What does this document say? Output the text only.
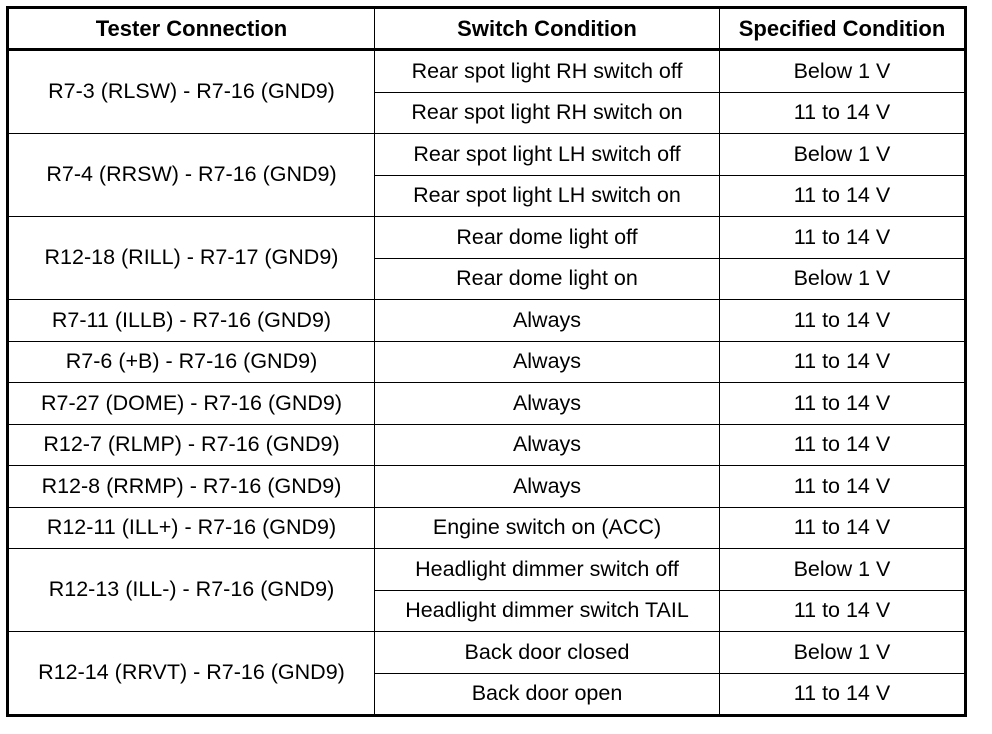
Tester Connection	Switch Condition	Specified Condition
R7-3 (RLSW) - R7-16 (GND9)	Rear spot light RH switch off	Below 1 V
	Rear spot light RH switch on	11 to 14 V
R7-4 (RRSW) - R7-16 (GND9)	Rear spot light LH switch off	Below 1 V
	Rear spot light LH switch on	11 to 14 V
R12-18 (RILL) - R7-17 (GND9)	Rear dome light off	11 to 14 V
	Rear dome light on	Below 1 V
R7-11 (ILLB) - R7-16 (GND9)	Always	11 to 14 V
R7-6 (+B) - R7-16 (GND9)	Always	11 to 14 V
R7-27 (DOME) - R7-16 (GND9)	Always	11 to 14 V
R12-7 (RLMP) - R7-16 (GND9)	Always	11 to 14 V
R12-8 (RRMP) - R7-16 (GND9)	Always	11 to 14 V
R12-11 (ILL+) - R7-16 (GND9)	Engine switch on (ACC)	11 to 14 V
R12-13 (ILL-) - R7-16 (GND9)	Headlight dimmer switch off	Below 1 V
	Headlight dimmer switch TAIL	11 to 14 V
R12-14 (RRVT) - R7-16 (GND9)	Back door closed	Below 1 V
	Back door open	11 to 14 V
